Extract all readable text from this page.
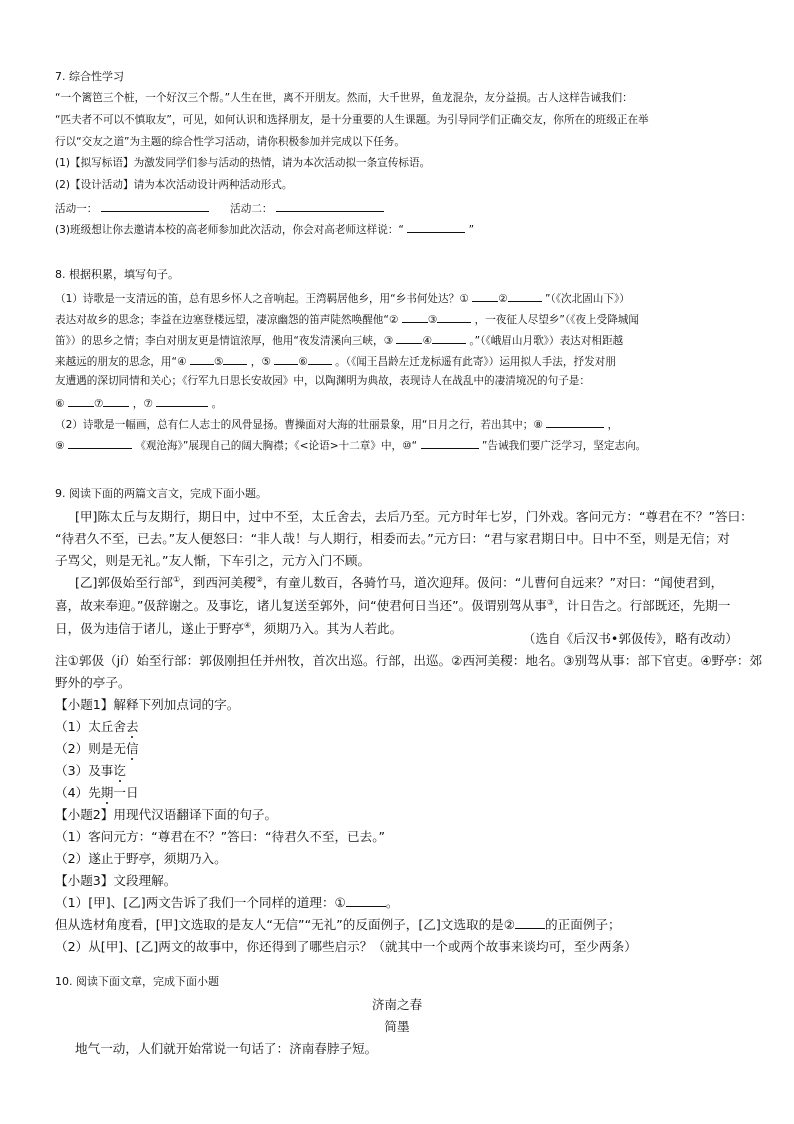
7. 综合性学习
“一个篱笆三个桩，一个好汉三个帮。”人生在世，离不开朋友。然而，大千世界，鱼龙混杂，友分益损。古人这样告诫我们：
“匹夫者不可以不慎取友”，可见，如何认识和选择朋友，是十分重要的人生课题。为引导同学们正确交友，你所在的班级正在举
行以“交友之道”为主题的综合性学习活动，请你积极参加并完成以下任务。
(1)【拟写标语】为激发同学们参与活动的热情，请为本次活动拟一条宣传标语。
(2)【设计活动】请为本次活动设计两种活动形式。
活动一：	活动二：
(3)班级想让你去邀请本校的高老师参加此次活动，你会对高老师这样说：“	”
8. 根据积累，填写句子。
（1）诗歌是一支清远的笛，总有思乡怀人之音响起。王湾羁居他乡，用“乡书何处达？①	②	”（《次北固山下》）
表达对故乡的思念；李益在边塞登楼远望，凄凉幽怨的笛声陡然唤醒他“②	③	，一夜征人尽望乡”（《夜上受降城闻
笛》）的思乡之情；李白对朋友更是情谊浓厚，他用“夜发清溪向三峡，③	④	。”（《峨眉山月歌》）表达对相距越
来越远的朋友的思念，用“④	⑤	，⑤	⑥	。（《闻王昌龄左迁龙标遥有此寄》）运用拟人手法，抒发对朋
友遭遇的深切同情和关心；《行军九日思长安故园》中，以陶渊明为典故，表现诗人在战乱中的凄清境况的句子是：
⑥	⑦	，⑦	。
（2）诗歌是一幅画，总有仁人志士的风骨显扬。曹操面对大海的壮丽景象，用“日月之行，若出其中；⑧	，
⑨	《观沧海》”展现自己的阔大胸襟；《<论语>十二章》中，⑩“	”告诫我们要广泛学习，坚定志向。
9. 阅读下面的两篇文言文，完成下面小题。
[甲]陈太丘与友期行，期日中，过中不至，太丘舍去，去后乃至。元方时年七岁，门外戏。客问元方：“尊君在不？”答曰：
“待君久不至，已去。”友人便怒曰：“非人哉！与人期行，相委而去。”元方曰：“君与家君期日中。日中不至，则是无信；对
子骂父，则是无礼。”友人惭，下车引之，元方入门不顾。
[乙]郭伋始至行部①，到西河美稷②，有童儿数百，各骑竹马，道次迎拜。伋问：“儿曹何自远来？”对曰：“闻使君到，
喜，故来奉迎。”伋辞谢之。及事讫，诸儿复送至郭外，问“使君何日当还”。伋谓别驾从事③，计日告之。行部既还，先期一
日，伋为违信于诸儿，遂止于野亭④，须期乃入。其为人若此。
（选自《后汉书•郭伋传》，略有改动）
注①郭伋（jí）始至行部：郭伋刚担任并州牧，首次出巡。行部，出巡。②西河美稷：地名。③别驾从事：部下官吏。④野亭：郊
野外的亭子。
【小题1】解释下列加点词的字。
（1）太丘舍去
（2）则是无信
（3）及事讫
（4）先期一日
【小题2】用现代汉语翻译下面的句子。
（1）客问元方：“尊君在不？”答曰：“待君久不至，已去。”
（2）遂止于野亭，须期乃入。
【小题3】文段理解。
（1）[甲]、[乙]两文告诉了我们一个同样的道理：①	。
但从选材角度看，[甲]文选取的是友人“无信”“无礼”的反面例子，[乙]文选取的是② 的正面例子；
（2）从[甲]、[乙]两文的故事中，你还得到了哪些启示？（就其中一个或两个故事来谈均可，至少两条）
10. 阅读下面文章，完成下面小题
济南之春
简墨
地气一动，人们就开始常说一句话了：济南春脖子短。
